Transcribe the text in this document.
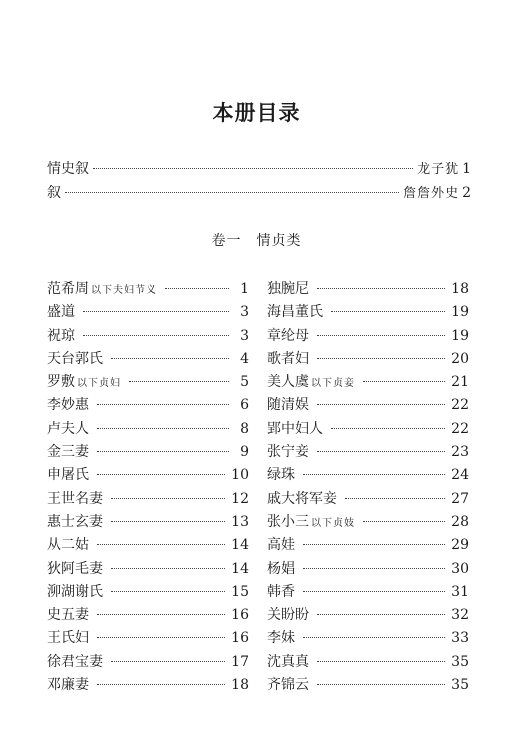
本册目录
情史叙	龙子犹 1
叙	詹詹外史 2
卷一　情贞类
范希周 以下夫妇节义	1
盛道	3
祝琼	3
天台郭氏	4
罗敷 以下贞妇	5
李妙惠	6
卢夫人	8
金三妻	9
申屠氏	10
王世名妻	12
惠士玄妻	13
从二姑	14
狄阿毛妻	14
泖湖谢氏	15
史五妻	16
王氏妇	16
徐君宝妻	17
邓廉妻	18
独腕尼	18
海昌董氏	19
章纶母	19
歌者妇	20
美人虞 以下贞妾	21
随清娱	22
郢中妇人	22
张宁妾	23
绿珠	24
戚大将军妾	27
张小三 以下贞妓	28
高娃	29
杨娼	30
韩香	31
关盼盼	32
李妹	33
沈真真	35
齐锦云	35
